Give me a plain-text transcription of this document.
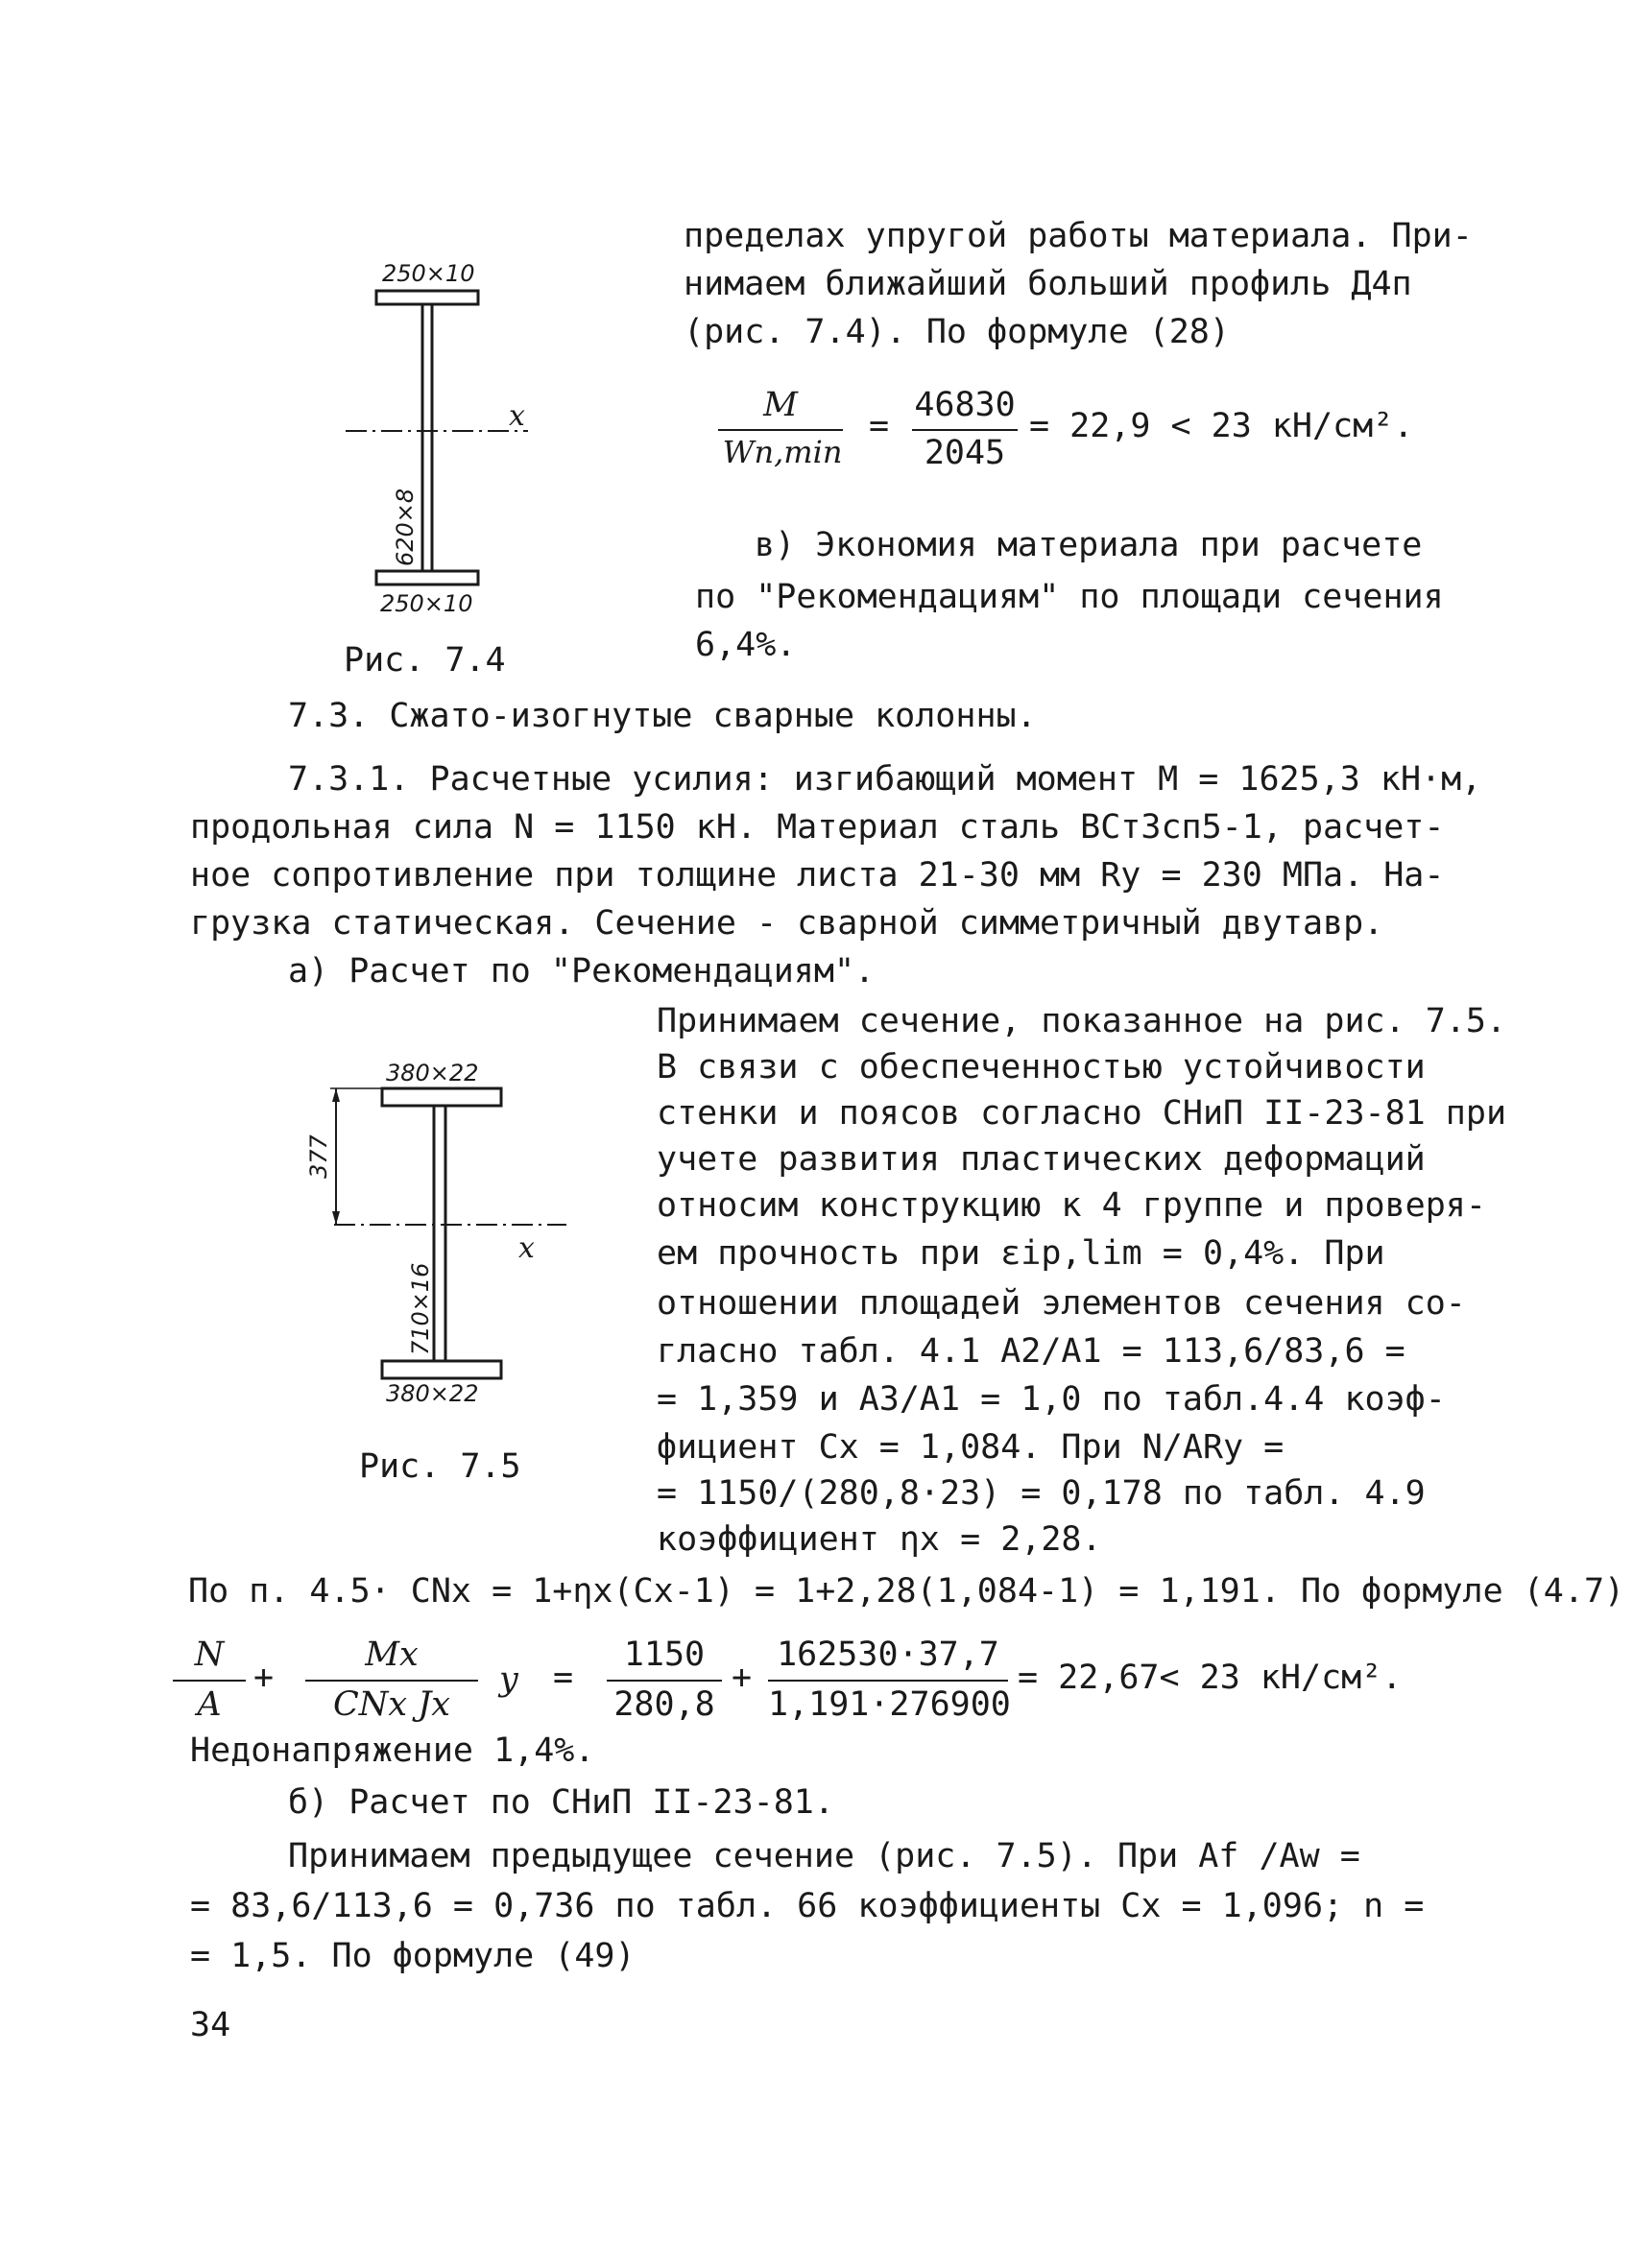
250×10
x
620×8
250×10
Рис. 7.4
пределах упругой работы материала. При-
нимаем ближайший больший профиль Д4п
(рис. 7.4). По формуле (28)
M
Wn,min
=
46830
2045
= 22,9 < 23 кН/см².
в) Экономия материала при расчете
по "Рекомендациям" по площади сечения
6,4%.
7.3. Сжато-изогнутые сварные колонны.
7.3.1. Расчетные усилия: изгибающий момент M = 1625,3 кН·м,
продольная сила N = 1150 кН. Материал сталь ВСт3сп5-1, расчет-
ное сопротивление при толщине листа 21-30 мм Ry = 230 МПа. На-
грузка статическая. Сечение - сварной симметричный двутавр.
а) Расчет по "Рекомендациям".
380×22
x
377
710×16
380×22
Рис. 7.5
Принимаем сечение, показанное на рис. 7.5.
В связи с обеспеченностью устойчивости
стенки и поясов согласно СНиП II-23-81 при
учете развития пластических деформаций
относим конструкцию к 4 группе и проверя-
ем прочность при εip,lim = 0,4%. При
отношении площадей элементов сечения со-
гласно табл. 4.1 A2/A1 = 113,6/83,6 =
= 1,359 и A3/A1 = 1,0 по табл.4.4 коэф-
фициент Cx = 1,084. При N/ARy =
= 1150/(280,8·23) = 0,178 по табл. 4.9
коэффициент ηx = 2,28.
По п. 4.5· CNx = 1+ηx(Cx-1) = 1+2,28(1,084-1) = 1,191. По формуле (4.7)
N
A
+
Mx
CNx Jx
y =
1150
280,8
+
162530·37,7
1,191·276900
= 22,67< 23 кН/см².
Недонапряжение 1,4%.
б) Расчет по СНиП II-23-81.
Принимаем предыдущее сечение (рис. 7.5). При Af /Aw =
= 83,6/113,6 = 0,736 по табл. 66 коэффициенты Cx = 1,096; n =
= 1,5. По формуле (49)
34
